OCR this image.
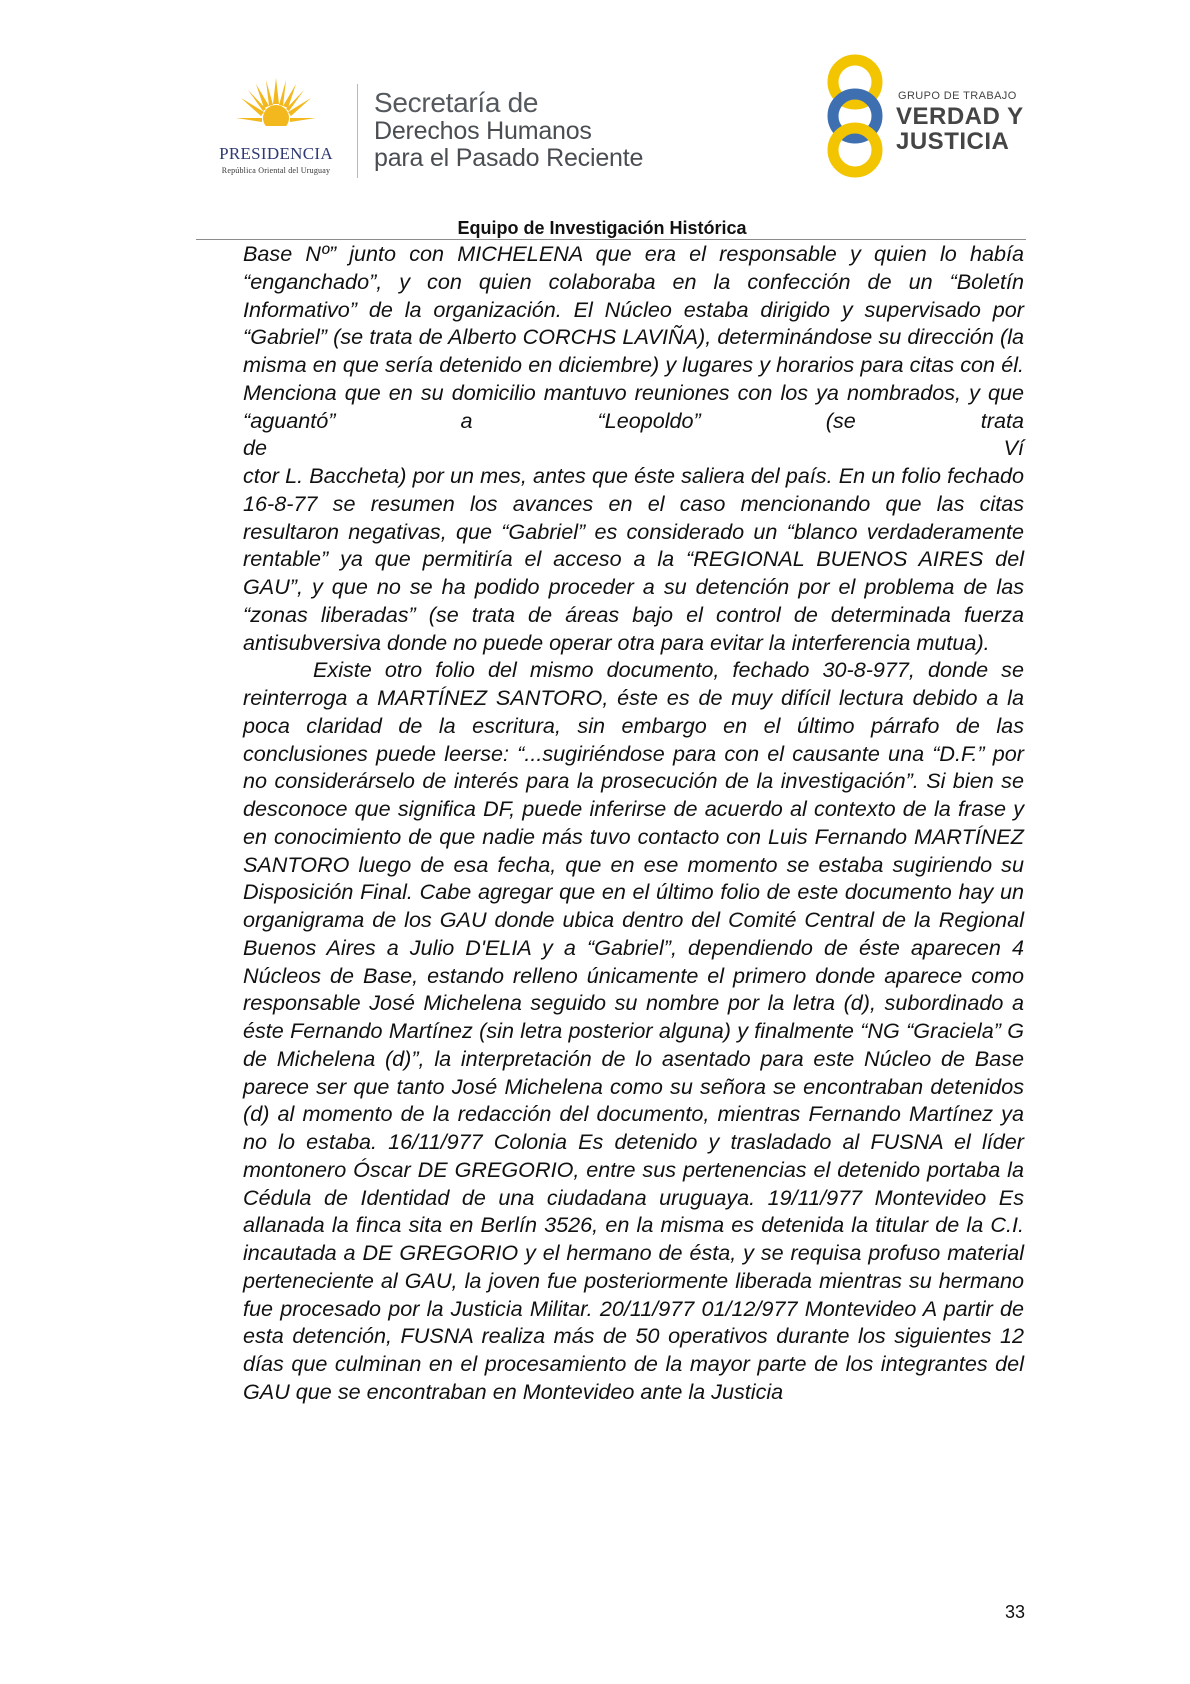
PRESIDENCIA
República Oriental del Uruguay
Secretaría de
Derechos Humanos
para el Pasado Reciente
GRUPO DE TRABAJO
VERDAD Y
JUSTICIA
Equipo de Investigación Histórica

Base Nº” junto con MICHELENA que era el responsable y quien lo había “enganchado”, y con quien colaboraba en la confección de un “Boletín Informativo” de la organización. El Núcleo estaba dirigido y supervisado por “Gabriel” (se trata de Alberto CORCHS LAVIÑA), determinándose su dirección (la misma en que sería detenido en diciembre) y lugares y horarios para citas con él. Menciona que en su domicilio mantuvo reuniones con los ya nombrados, y que “aguantó” a “Leopoldo” (se trata

de	Ví

ctor L. Baccheta) por un mes, antes que éste saliera del país. En un folio fechado 16-8-77 se resumen los avances en el caso mencionando que las citas resultaron negativas, que “Gabriel” es considerado un “blanco verdaderamente rentable” ya que permitiría el acceso a la “REGIONAL BUENOS AIRES del GAU”, y que no se ha podido proceder a su detención por el problema de las “zonas liberadas” (se trata de áreas bajo el control de determinada fuerza antisubversiva donde no puede operar otra para evitar la interferencia mutua).

Existe otro folio del mismo documento, fechado 30-8-977, donde se reinterroga a MARTÍNEZ SANTORO, éste es de muy difícil lectura debido a la poca claridad de la escritura, sin embargo en el último párrafo de las conclusiones puede leerse: “...sugiriéndose para con el causante una “D.F.” por no considerárselo de interés para la prosecución de la investigación”. Si bien se desconoce que significa DF, puede inferirse de acuerdo al contexto de la frase y en conocimiento de que nadie más tuvo contacto con Luis Fernando MARTÍNEZ SANTORO luego de esa fecha, que en ese momento se estaba sugiriendo su Disposición Final. Cabe agregar que en el último folio de este documento hay un organigrama de los GAU donde ubica dentro del Comité Central de la Regional Buenos Aires a Julio D'ELIA y a “Gabriel”, dependiendo de éste aparecen 4 Núcleos de Base, estando relleno únicamente el primero donde aparece como responsable José Michelena seguido su nombre por la letra (d), subordinado a éste Fernando Martínez (sin letra posterior alguna) y finalmente “NG “Graciela” G de Michelena (d)”, la interpretación de lo asentado para este Núcleo de Base parece ser que tanto José Michelena como su señora se encontraban detenidos (d) al momento de la redacción del documento, mientras Fernando Martínez ya no lo estaba. 16/11/977 Colonia Es detenido y trasladado al FUSNA el líder montonero Óscar DE GREGORIO, entre sus pertenencias el detenido portaba la Cédula de Identidad de una ciudadana uruguaya. 19/11/977 Montevideo Es allanada la finca sita en Berlín 3526, en la misma es detenida la titular de la C.I. incautada a DE GREGORIO y el hermano de ésta, y se requisa profuso material perteneciente al GAU, la joven fue posteriormente liberada mientras su hermano fue procesado por la Justicia Militar. 20/11/977 01/12/977 Montevideo A partir de esta detención, FUSNA realiza más de 50 operativos durante los siguientes 12 días que culminan en el procesamiento de la mayor parte de los integrantes del GAU que se encontraban en Montevideo ante la Justicia

33
